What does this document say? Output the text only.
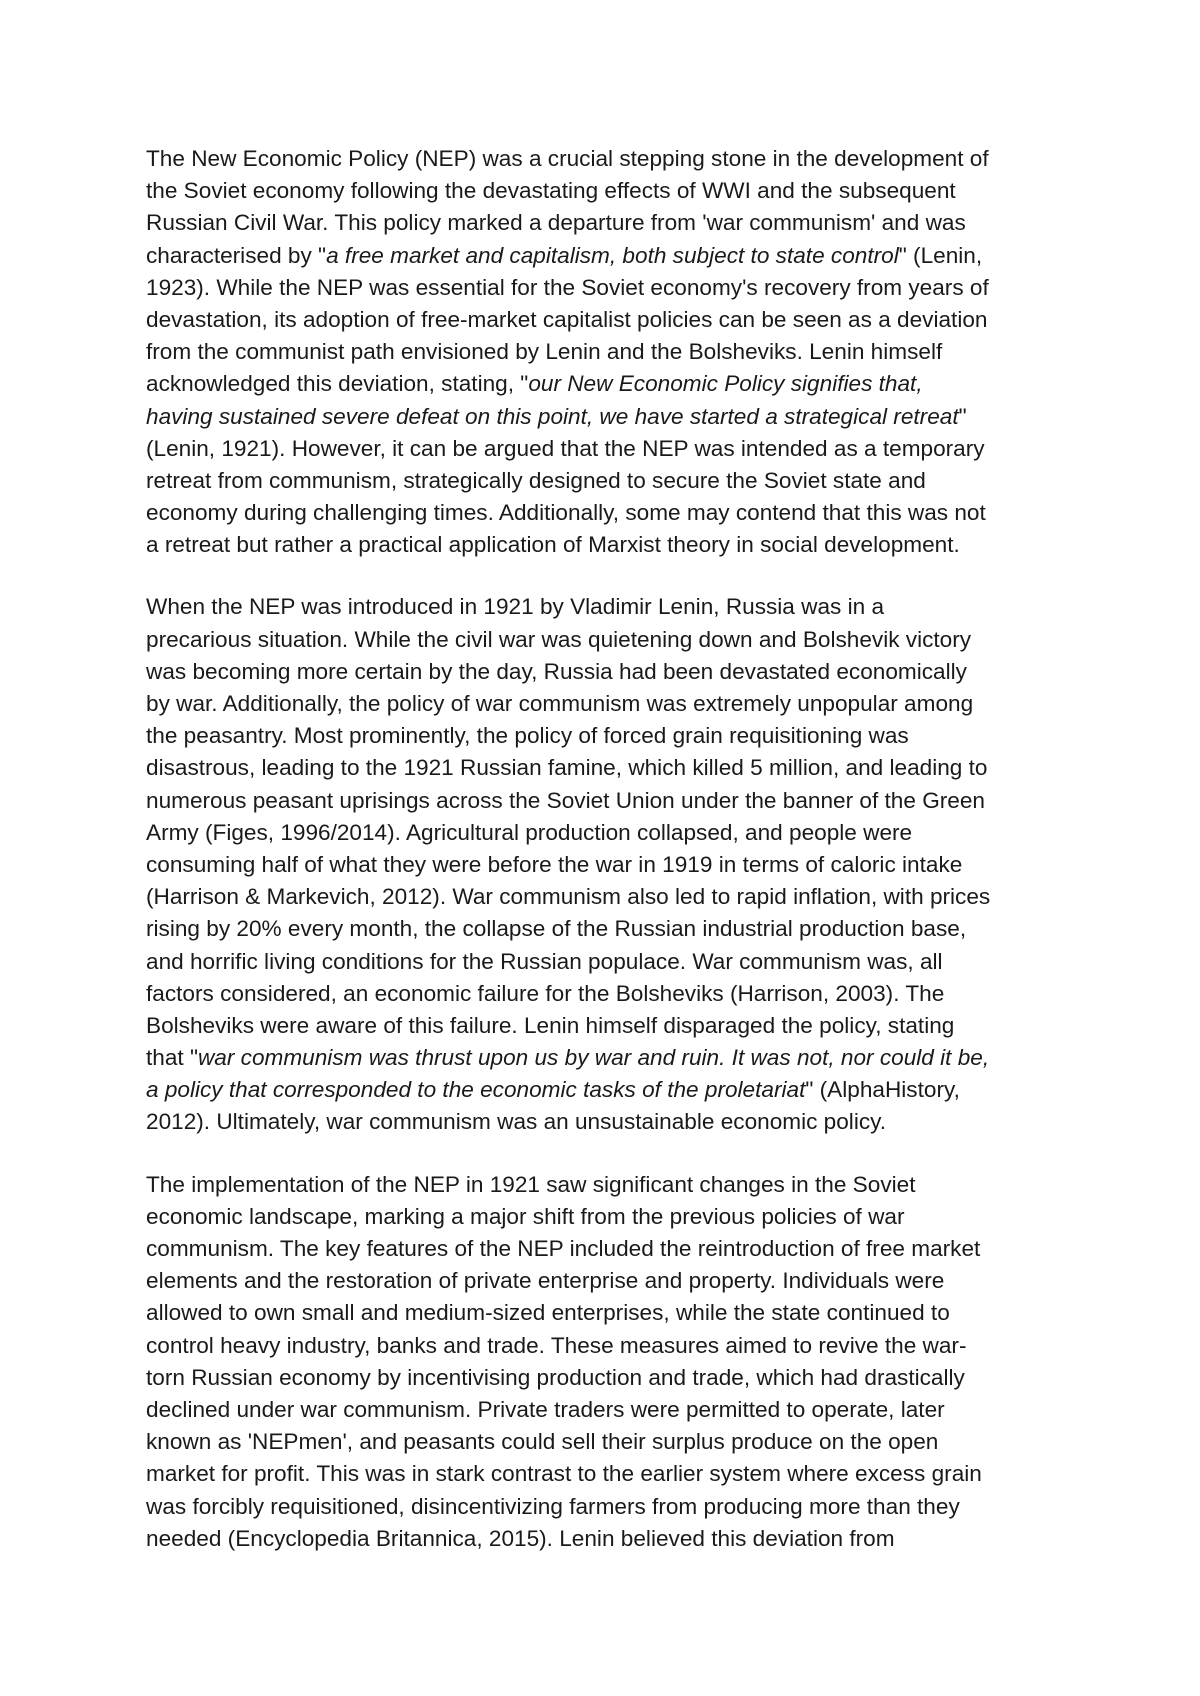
The New Economic Policy (NEP) was a crucial stepping stone in the development of
the Soviet economy following the devastating effects of WWI and the subsequent
Russian Civil War. This policy marked a departure from 'war communism' and was
characterised by "a free market and capitalism, both subject to state control" (Lenin,
1923). While the NEP was essential for the Soviet economy's recovery from years of
devastation, its adoption of free-market capitalist policies can be seen as a deviation
from the communist path envisioned by Lenin and the Bolsheviks. Lenin himself
acknowledged this deviation, stating, "our New Economic Policy signifies that,
having sustained severe defeat on this point, we have started a strategical retreat"
(Lenin, 1921). However, it can be argued that the NEP was intended as a temporary
retreat from communism, strategically designed to secure the Soviet state and
economy during challenging times. Additionally, some may contend that this was not
a retreat but rather a practical application of Marxist theory in social development.

When the NEP was introduced in 1921 by Vladimir Lenin, Russia was in a
precarious situation. While the civil war was quietening down and Bolshevik victory
was becoming more certain by the day, Russia had been devastated economically
by war. Additionally, the policy of war communism was extremely unpopular among
the peasantry. Most prominently, the policy of forced grain requisitioning was
disastrous, leading to the 1921 Russian famine, which killed 5 million, and leading to
numerous peasant uprisings across the Soviet Union under the banner of the Green
Army (Figes, 1996/2014). Agricultural production collapsed, and people were
consuming half of what they were before the war in 1919 in terms of caloric intake
(Harrison & Markevich, 2012). War communism also led to rapid inflation, with prices
rising by 20% every month, the collapse of the Russian industrial production base,
and horrific living conditions for the Russian populace. War communism was, all
factors considered, an economic failure for the Bolsheviks (Harrison, 2003). The
Bolsheviks were aware of this failure. Lenin himself disparaged the policy, stating
that "war communism was thrust upon us by war and ruin. It was not, nor could it be,
a policy that corresponded to the economic tasks of the proletariat" (AlphaHistory,
2012). Ultimately, war communism was an unsustainable economic policy.

The implementation of the NEP in 1921 saw significant changes in the Soviet
economic landscape, marking a major shift from the previous policies of war
communism. The key features of the NEP included the reintroduction of free market
elements and the restoration of private enterprise and property. Individuals were
allowed to own small and medium-sized enterprises, while the state continued to
control heavy industry, banks and trade. These measures aimed to revive the war-
torn Russian economy by incentivising production and trade, which had drastically
declined under war communism. Private traders were permitted to operate, later
known as 'NEPmen', and peasants could sell their surplus produce on the open
market for profit. This was in stark contrast to the earlier system where excess grain
was forcibly requisitioned, disincentivizing farmers from producing more than they
needed (Encyclopedia Britannica, 2015). Lenin believed this deviation from
